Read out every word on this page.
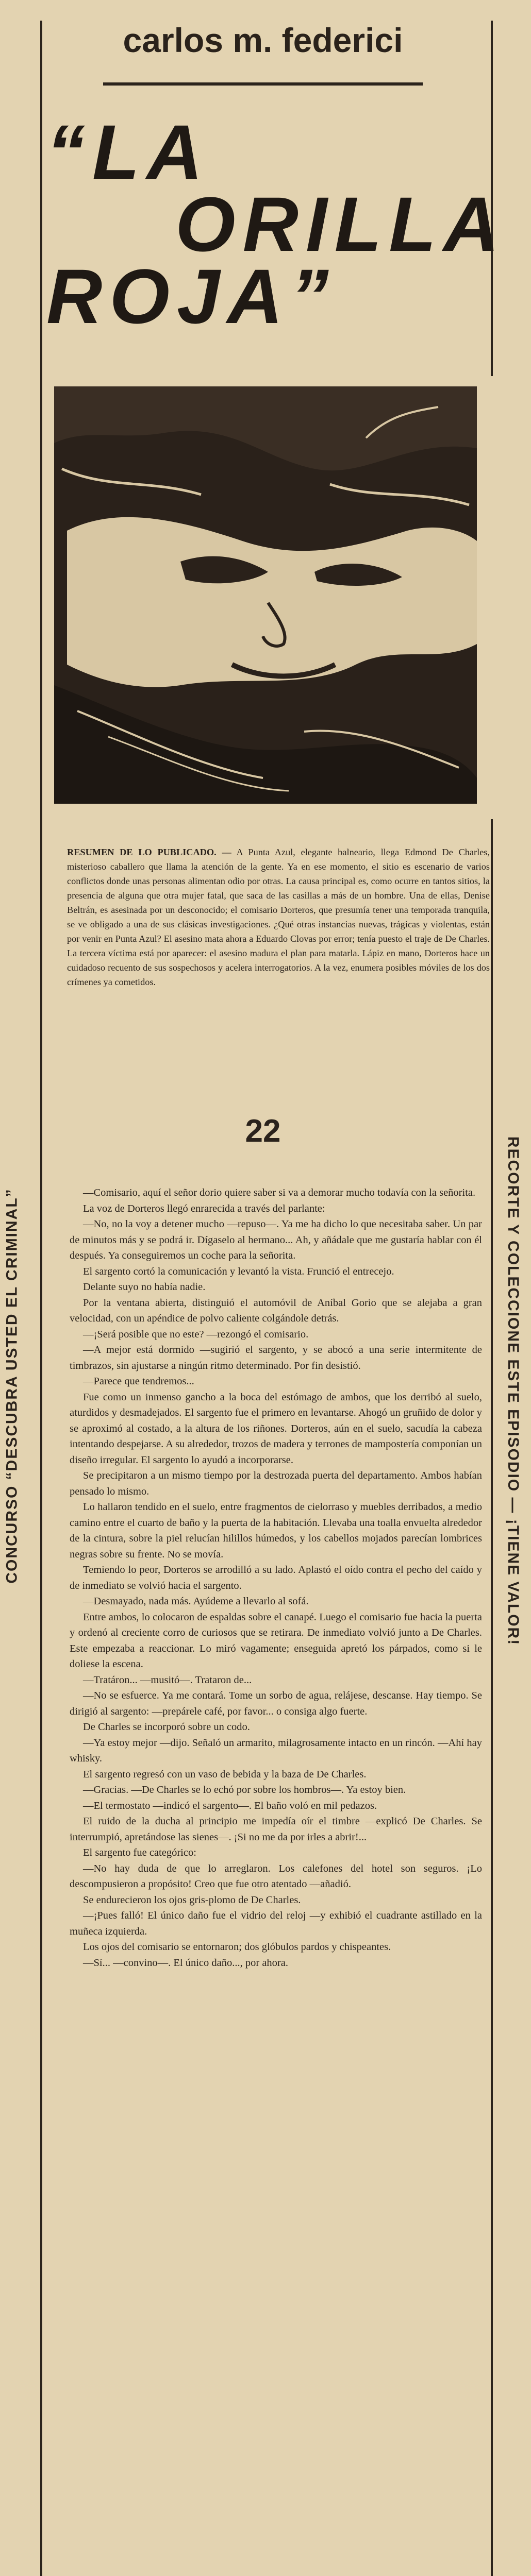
CONCURSO “DESCUBRA USTED EL CRIMINAL”	RECORTE Y COLECCIONE ESTE EPISODIO — ¡TIENE VALOR!
carlos m. federici
“LA
ORILLA
ROJA”
RESUMEN DE LO PUBLICADO. — A Punta Azul, elegante balneario, llega Edmond De Charles, misterioso caballero que llama la atención de la gente. Ya en ese momento, el sitio es escenario de varios conflictos donde unas personas alimentan odio por otras. La causa principal es, como ocurre en tantos sitios, la presencia de alguna que otra mujer fatal, que saca de las casillas a más de un hombre. Una de ellas, Denise Beltrán, es asesinada por un desconocido; el comisario Dorteros, que presumía tener una temporada tranquila, se ve obligado a una de sus clásicas investigaciones. ¿Qué otras instancias nuevas, trágicas y violentas, están por venir en Punta Azul? El asesino mata ahora a Eduardo Clovas por error; tenía puesto el traje de De Charles. La tercera víctima está por aparecer: el asesino madura el plan para matarla. Lápiz en mano, Dorteros hace un cuidadoso recuento de sus sospechosos y acelera interrogatorios. A la vez, enumera posibles móviles de los dos crímenes ya cometidos.
22

—Comisario, aquí el señor dorio quiere saber si va a demorar mucho todavía con la señorita.

La voz de Dorteros llegó enrarecida a través del parlante:

—No, no la voy a detener mucho —repuso—. Ya me ha dicho lo que necesitaba saber. Un par de minutos más y se podrá ir. Dígaselo al hermano... Ah, y añádale que me gustaría hablar con él después. Ya conseguiremos un coche para la señorita.

El sargento cortó la comunicación y levantó la vista. Frunció el entrecejo.

Delante suyo no había nadie.

Por la ventana abierta, distinguió el automóvil de Aníbal Gorio que se alejaba a gran velocidad, con un apéndice de polvo caliente colgándole detrás.

—¡Será posible que no este? —rezongó el comisario.

—A mejor está dormido —sugirió el sargento, y se abocó a una serie intermitente de timbrazos, sin ajustarse a ningún ritmo determinado. Por fin desistió.

—Parece que tendremos...

Fue como un inmenso gancho a la boca del estómago de ambos, que los derribó al suelo, aturdidos y desmadejados. El sargento fue el primero en levantarse. Ahogó un gruñido de dolor y se aproximó al costado, a la altura de los riñones. Dorteros, aún en el suelo, sacudía la cabeza intentando despejarse. A su alrededor, trozos de madera y terrones de mampostería componían un diseño irregular. El sargento lo ayudó a incorporarse.

Se precipitaron a un mismo tiempo por la destrozada puerta del departamento. Ambos habían pensado lo mismo.

Lo hallaron tendido en el suelo, entre fragmentos de cielorraso y muebles derribados, a medio camino entre el cuarto de baño y la puerta de la habitación. Llevaba una toalla envuelta alrededor de la cintura, sobre la piel relucían hilillos húmedos, y los cabellos mojados parecían lombrices negras sobre su frente. No se movía.

Temiendo lo peor, Dorteros se arrodilló a su lado. Aplastó el oído contra el pecho del caído y de inmediato se volvió hacia el sargento.

—Desmayado, nada más. Ayúdeme a llevarlo al sofá.

Entre ambos, lo colocaron de espaldas sobre el canapé. Luego el comisario fue hacia la puerta y ordenó al creciente corro de curiosos que se retirara. De inmediato volvió junto a De Charles. Este empezaba a reaccionar. Lo miró vagamente; enseguida apretó los párpados, como si le doliese la escena.

—Tratáron... —musitó—. Trataron de...

—No se esfuerce. Ya me contará. Tome un sorbo de agua, relájese, descanse. Hay tiempo. Se dirigió al sargento: —prepárele café, por favor... o consiga algo fuerte.

De Charles se incorporó sobre un codo.

—Ya estoy mejor —dijo. Señaló un armarito, milagrosamente intacto en un rincón. —Ahí hay whisky.

El sargento regresó con un vaso de bebida y la baza de De Charles.

—Gracias. —De Charles se lo echó por sobre los hombros—. Ya estoy bien.

—El termostato —indicó el sargento—. El baño voló en mil pedazos.

El ruido de la ducha al principio me impedía oír el timbre —explicó De Charles. Se interrumpió, apretándose las sienes—. ¡Si no me da por irles a abrir!...

El sargento fue categórico:

—No hay duda de que lo arreglaron. Los calefones del hotel son seguros. ¡Lo descompusieron a propósito! Creo que fue otro atentado —añadió.

Se endurecieron los ojos gris-plomo de De Charles.

—¡Pues falló! El único daño fue el vidrio del reloj —y exhibió el cuadrante astillado en la muñeca izquierda.

Los ojos del comisario se entornaron; dos glóbulos pardos y chispeantes.

—Sí... —convino—. El único daño..., por ahora.
